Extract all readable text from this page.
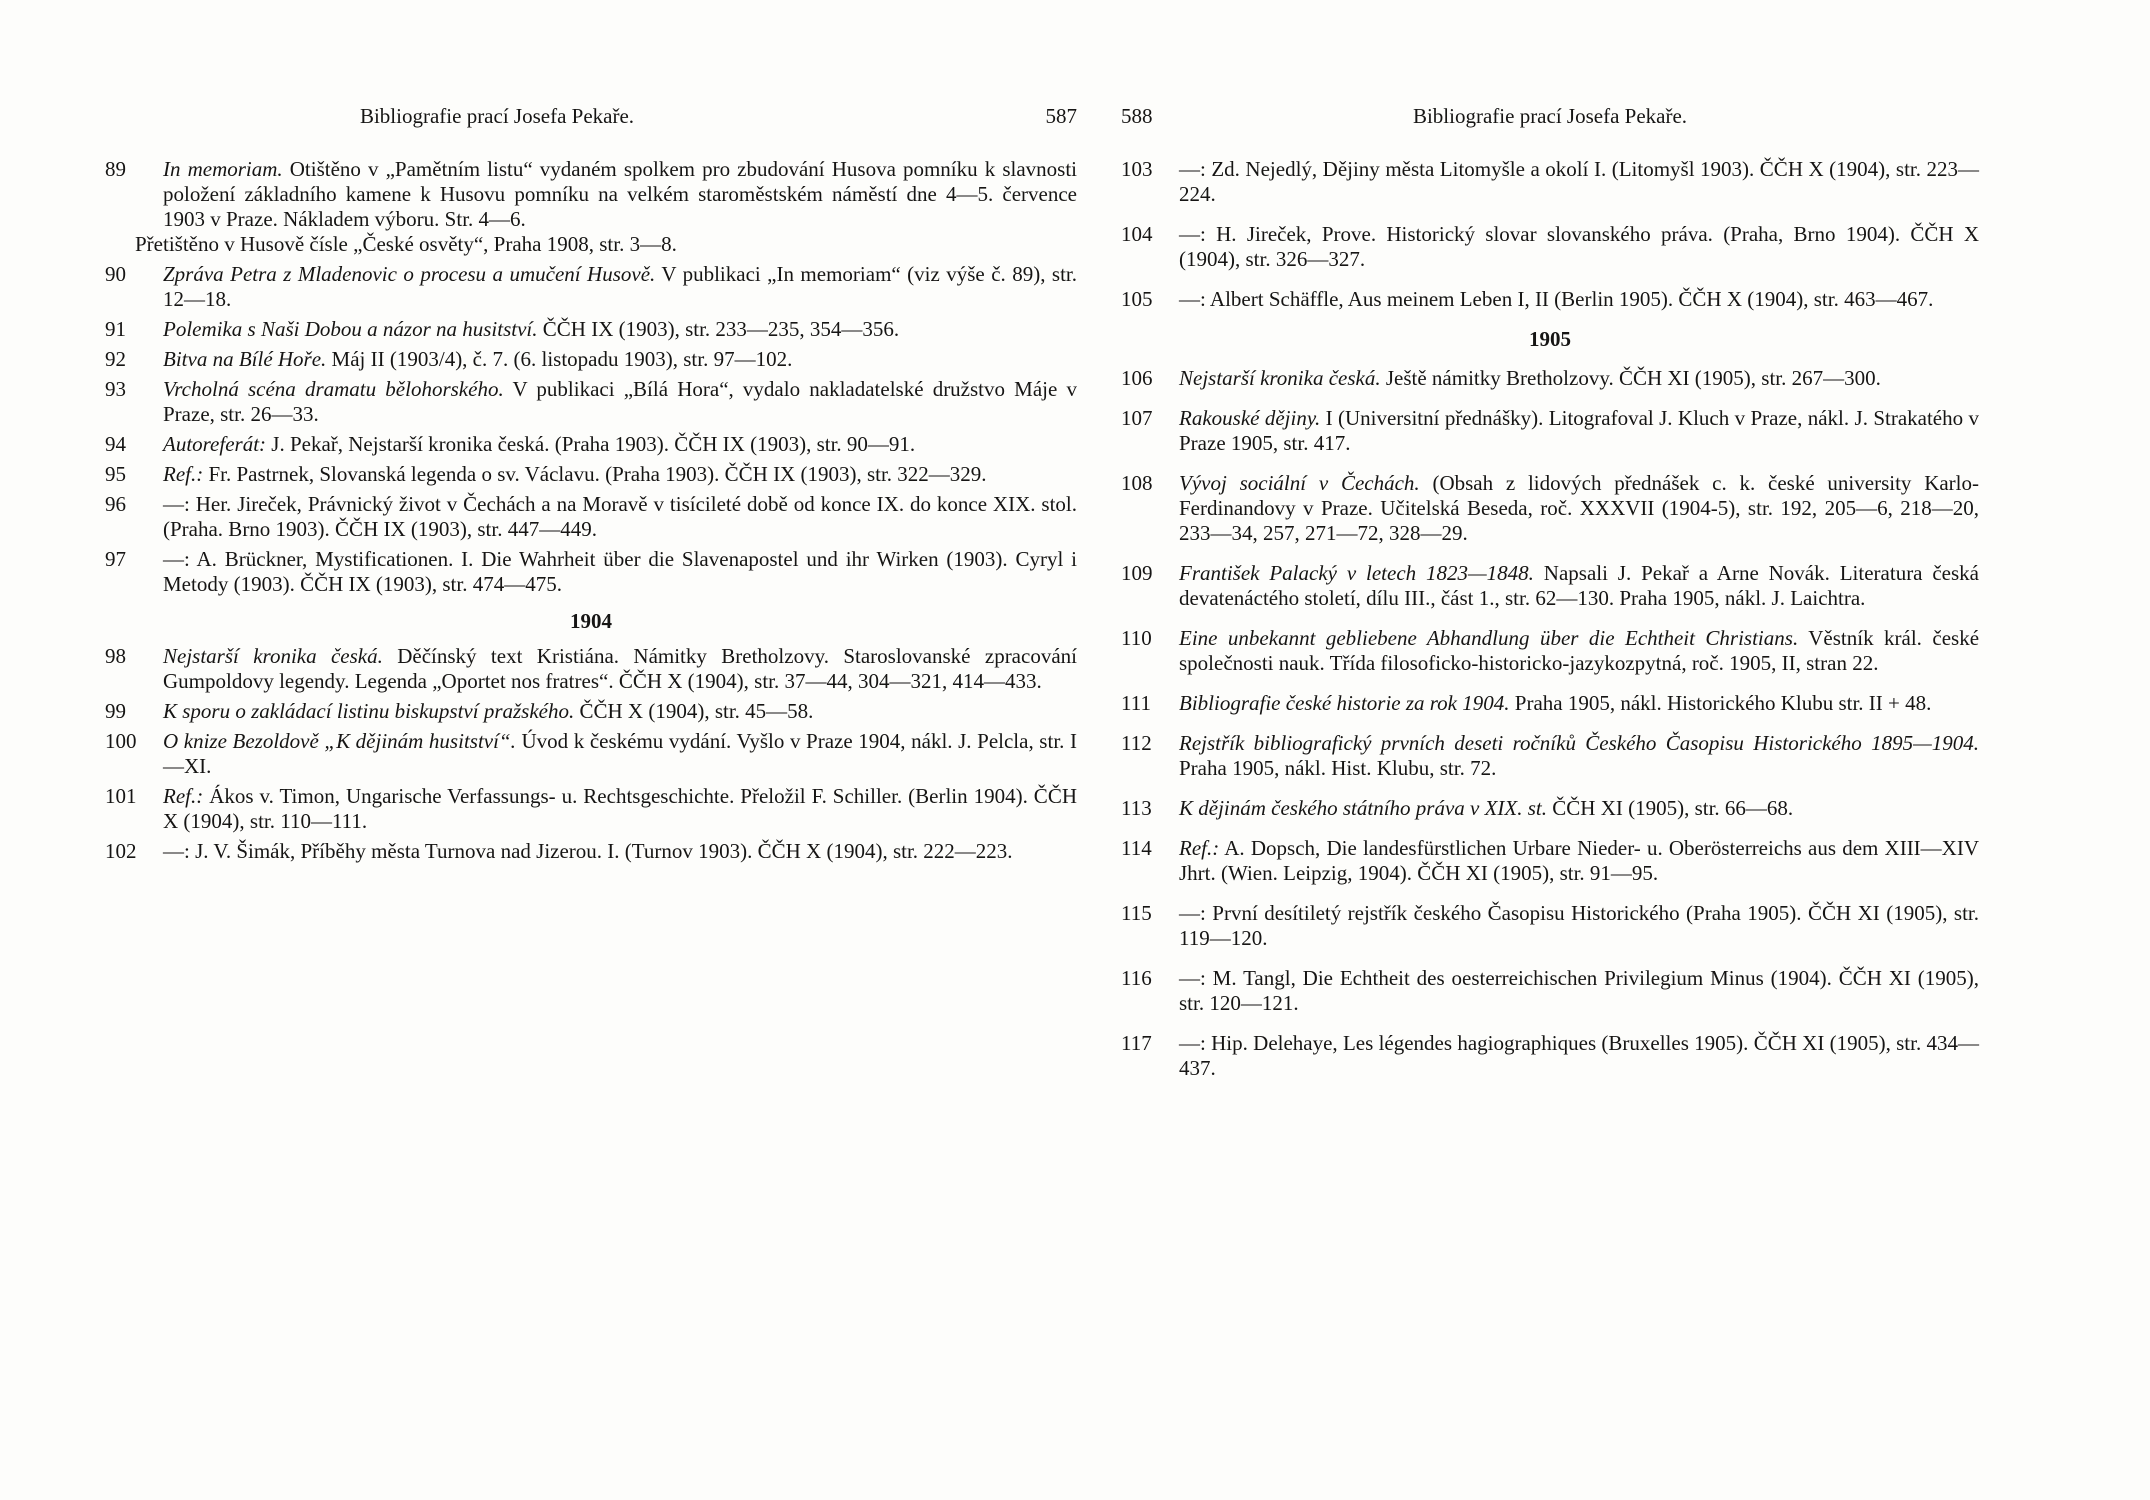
Bibliografie prací Josefa Pekaře.	587
89 In memoriam. Otištěno v „Pamětním listu“ vydaném spolkem pro zbudování Husova pomníku k slavnosti položení základního kamene k Husovu pomníku na velkém staroměstském náměstí dne 4—5. července 1903 v Praze. Nákladem výboru. Str. 4—6.
Přetištěno v Husově čísle „České osvěty“, Praha 1908, str. 3—8.
90 Zpráva Petra z Mladenovic o procesu a umučení Husově. V publikaci „In memoriam“ (viz výše č. 89), str. 12—18.
91 Polemika s Naši Dobou a názor na husitství. ČČH IX (1903), str. 233—235, 354—356.
92 Bitva na Bílé Hoře. Máj II (1903/4), č. 7. (6. listopadu 1903), str. 97—102.
93 Vrcholná scéna dramatu bělohorského. V publikaci „Bílá Hora“, vydalo nakladatelské družstvo Máje v Praze, str. 26—33.
94 Autoreferát: J. Pekař, Nejstarší kronika česká. (Praha 1903). ČČH IX (1903), str. 90—91.
95 Ref.: Fr. Pastrnek, Slovanská legenda o sv. Václavu. (Praha 1903). ČČH IX (1903), str. 322—329.
96 —: Her. Jireček, Právnický život v Čechách a na Moravě v tisícileté době od konce IX. do konce XIX. stol. (Praha. Brno 1903). ČČH IX (1903), str. 447—449.
97 —: A. Brückner, Mystificationen. I. Die Wahrheit über die Slavenapostel und ihr Wirken (1903). Cyryl i Metody (1903). ČČH IX (1903), str. 474—475.
1904
98 Nejstarší kronika česká. Děčínský text Kristiána. Námitky Bretholzovy. Staroslovanské zpracování Gumpoldovy legendy. Legenda „Oportet nos fratres“. ČČH X (1904), str. 37—44, 304—321, 414—433.
99 K sporu o zakládací listinu biskupství pražského. ČČH X (1904), str. 45—58.
100 O knize Bezoldově „K dějinám husitství“. Úvod k českému vydání. Vyšlo v Praze 1904, nákl. J. Pelcla, str. I—XI.
101 Ref.: Ákos v. Timon, Ungarische Verfassungs- u. Rechtsgeschichte. Přeložil F. Schiller. (Berlin 1904). ČČH X (1904), str. 110—111.
102 —: J. V. Šimák, Příběhy města Turnova nad Jizerou. I. (Turnov 1903). ČČH X (1904), str. 222—223.
588	Bibliografie prací Josefa Pekaře.
103 —: Zd. Nejedlý, Dějiny města Litomyšle a okolí I. (Litomyšl 1903). ČČH X (1904), str. 223—224.
104 —: H. Jireček, Prove. Historický slovar slovanského práva. (Praha, Brno 1904). ČČH X (1904), str. 326—327.
105 —: Albert Schäffle, Aus meinem Leben I, II (Berlin 1905). ČČH X (1904), str. 463—467.
1905
106 Nejstarší kronika česká. Ještě námitky Bretholzovy. ČČH XI (1905), str. 267—300.
107 Rakouské dějiny. I (Universitní přednášky). Litografoval J. Kluch v Praze, nákl. J. Strakatého v Praze 1905, str. 417.
108 Vývoj sociální v Čechách. (Obsah z lidových přednášek c. k. české university Karlo-Ferdinandovy v Praze. Učitelská Beseda, roč. XXXVII (1904-5), str. 192, 205—6, 218—20, 233—34, 257, 271—72, 328—29.
109 František Palacký v letech 1823—1848. Napsali J. Pekař a Arne Novák. Literatura česká devatenáctého století, dílu III., část 1., str. 62—130. Praha 1905, nákl. J. Laichtra.
110 Eine unbekannt gebliebene Abhandlung über die Echtheit Christians. Věstník král. české společnosti nauk. Třída filosoficko-historicko-jazykozpytná, roč. 1905, II, stran 22.
111 Bibliografie české historie za rok 1904. Praha 1905, nákl. Historického Klubu str. II + 48.
112 Rejstřík bibliografický prvních deseti ročníků Českého Časopisu Historického 1895—1904. Praha 1905, nákl. Hist. Klubu, str. 72.
113 K dějinám českého státního práva v XIX. st. ČČH XI (1905), str. 66—68.
114 Ref.: A. Dopsch, Die landesfürstlichen Urbare Nieder- u. Oberösterreichs aus dem XIII—XIV Jhrt. (Wien. Leipzig, 1904). ČČH XI (1905), str. 91—95.
115 —: První desítiletý rejstřík českého Časopisu Historického (Praha 1905). ČČH XI (1905), str. 119—120.
116 —: M. Tangl, Die Echtheit des oesterreichischen Privilegium Minus (1904). ČČH XI (1905), str. 120—121.
117 —: Hip. Delehaye, Les légendes hagiographiques (Bruxelles 1905). ČČH XI (1905), str. 434—437.
